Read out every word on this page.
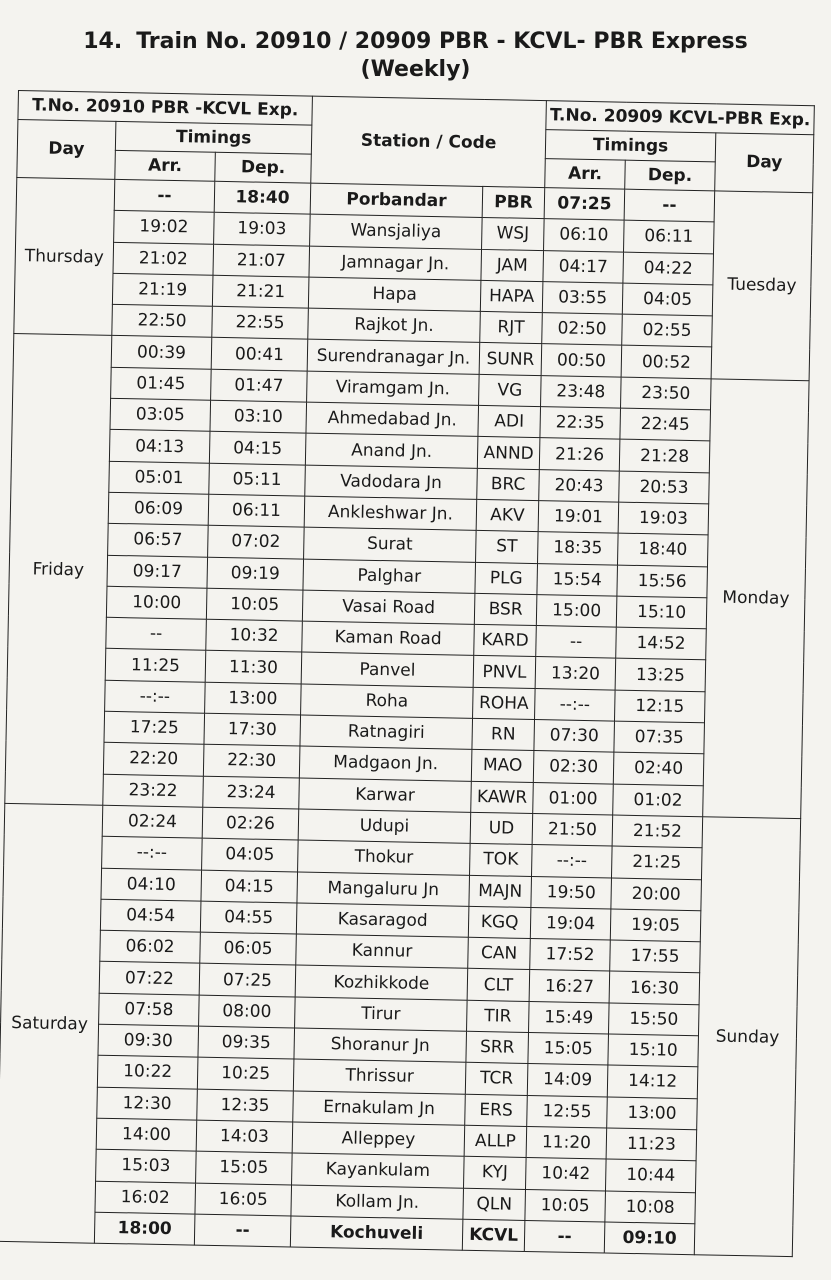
14. Train No. 20910 / 20909 PBR - KCVL- PBR Express
(Weekly)
T.No. 20910 PBR -KCVL Exp.			Station / Code		T.No. 20909 KCVL-PBR Exp.		
Day	Timings				Timings		Day
	Arr.	Dep.			Arr.	Dep.	
Thursday	--	18:40	Porbandar	PBR	07:25	--	Tuesday
	19:02	19:03	Wansjaliya	WSJ	06:10	06:11	
	21:02	21:07	Jamnagar Jn.	JAM	04:17	04:22	
	21:19	21:21	Hapa	HAPA	03:55	04:05	
	22:50	22:55	Rajkot Jn.	RJT	02:50	02:55	
Friday	00:39	00:41	Surendranagar Jn.	SUNR	00:50	00:52	
	01:45	01:47	Viramgam Jn.	VG	23:48	23:50	Monday
	03:05	03:10	Ahmedabad Jn.	ADI	22:35	22:45	
	04:13	04:15	Anand Jn.	ANND	21:26	21:28	
	05:01	05:11	Vadodara Jn	BRC	20:43	20:53	
	06:09	06:11	Ankleshwar Jn.	AKV	19:01	19:03	
	06:57	07:02	Surat	ST	18:35	18:40	
	09:17	09:19	Palghar	PLG	15:54	15:56	
	10:00	10:05	Vasai Road	BSR	15:00	15:10	
	--	10:32	Kaman Road	KARD	--	14:52	
	11:25	11:30	Panvel	PNVL	13:20	13:25	
	--:--	13:00	Roha	ROHA	--:--	12:15	
	17:25	17:30	Ratnagiri	RN	07:30	07:35	
	22:20	22:30	Madgaon Jn.	MAO	02:30	02:40	
	23:22	23:24	Karwar	KAWR	01:00	01:02	
Saturday	02:24	02:26	Udupi	UD	21:50	21:52	Sunday
	--:--	04:05	Thokur	TOK	--:--	21:25	
	04:10	04:15	Mangaluru Jn	MAJN	19:50	20:00	
	04:54	04:55	Kasaragod	KGQ	19:04	19:05	
	06:02	06:05	Kannur	CAN	17:52	17:55	
	07:22	07:25	Kozhikkode	CLT	16:27	16:30	
	07:58	08:00	Tirur	TIR	15:49	15:50	
	09:30	09:35	Shoranur Jn	SRR	15:05	15:10	
	10:22	10:25	Thrissur	TCR	14:09	14:12	
	12:30	12:35	Ernakulam Jn	ERS	12:55	13:00	
	14:00	14:03	Alleppey	ALLP	11:20	11:23	
	15:03	15:05	Kayankulam	KYJ	10:42	10:44	
	16:02	16:05	Kollam Jn.	QLN	10:05	10:08	
	18:00	--	Kochuveli	KCVL	--	09:10	
